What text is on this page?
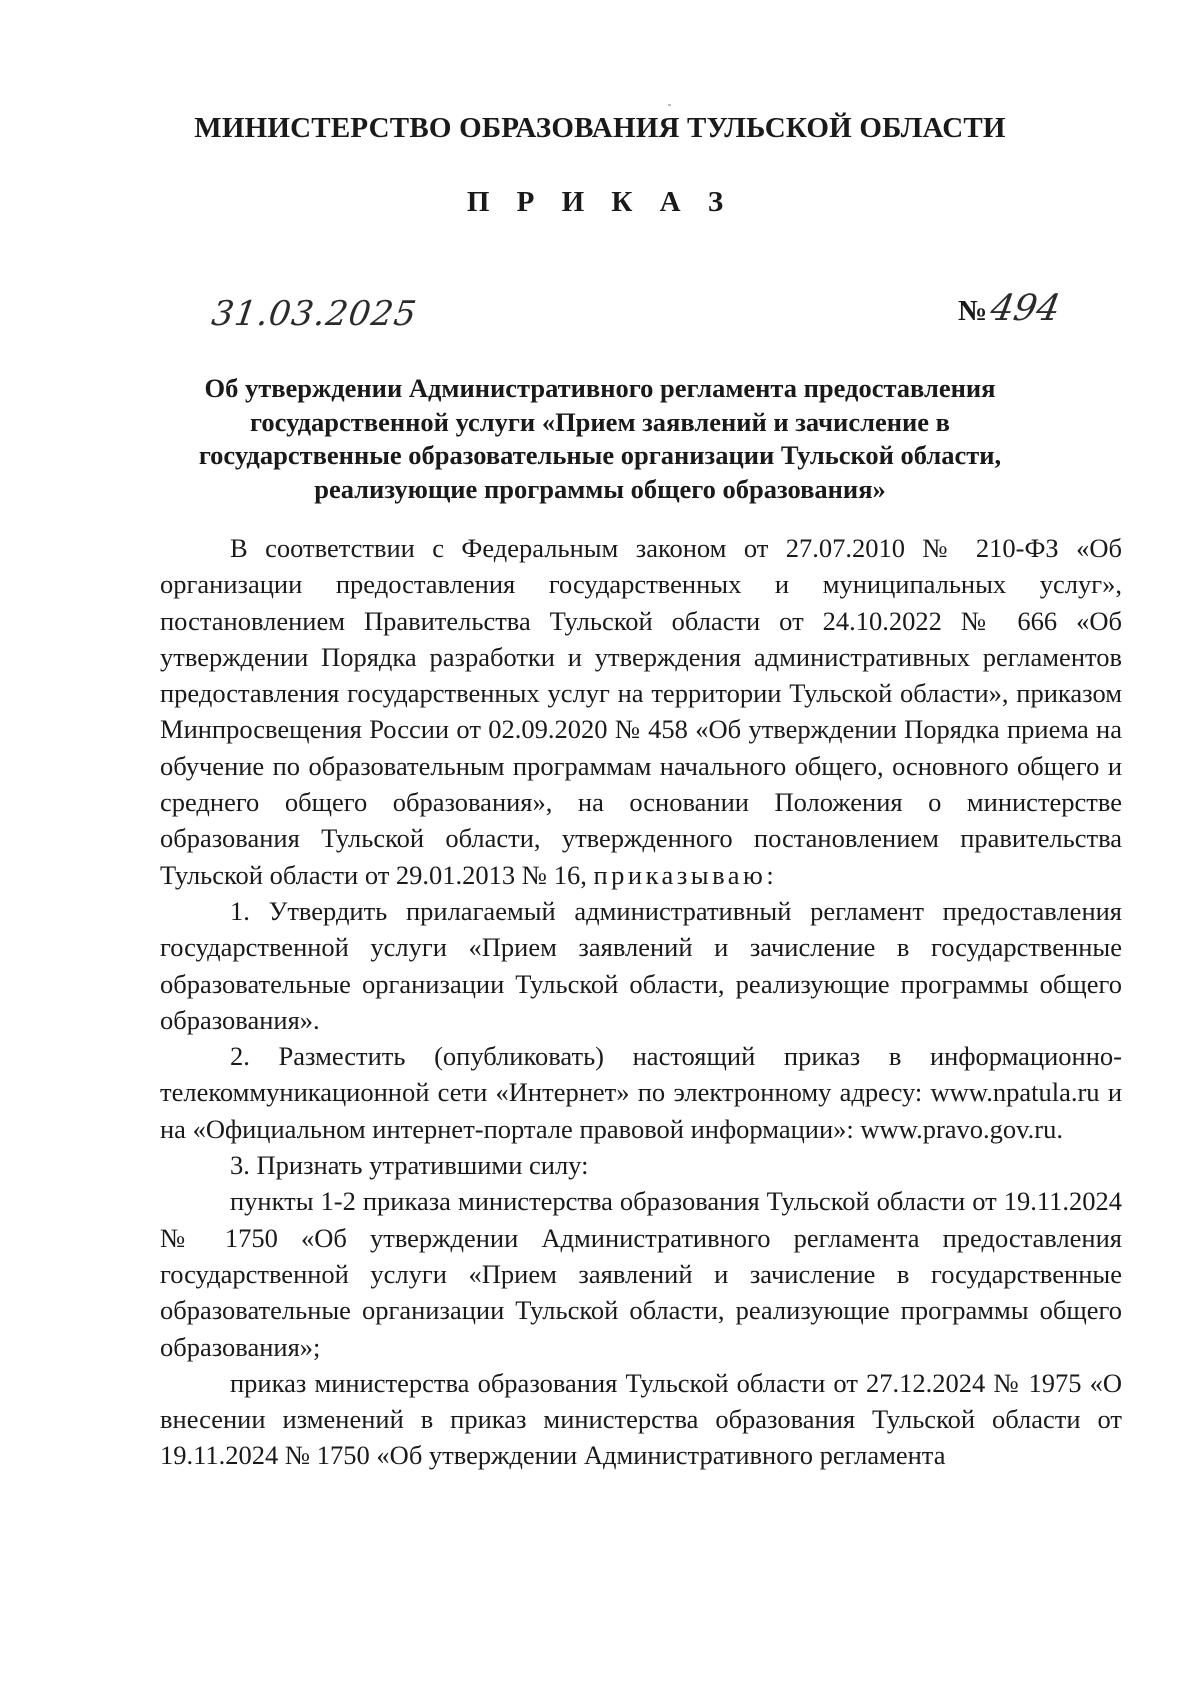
МИНИСТЕРСТВО ОБРАЗОВАНИЯ ТУЛЬСКОЙ ОБЛАСТИ
П Р И К А З
31.03.2025	№494
Об утверждении Административного регламента предоставления государственной услуги «Прием заявлений и зачисление в государственные образовательные организации Тульской области, реализующие программы общего образования»

В соответствии с Федеральным законом от 27.07.2010 № 210-ФЗ «Об организации предоставления государственных и муниципальных услуг», постановлением Правительства Тульской области от 24.10.2022 № 666 «Об утверждении Порядка разработки и утверждения административных регламентов предоставления государственных услуг на территории Тульской области», приказом Минпросвещения России от 02.09.2020 № 458 «Об утверждении Порядка приема на обучение по образовательным программам начального общего, основного общего и среднего общего образования», на основании Положения о министерстве образования Тульской области, утвержденного постановлением правительства Тульской области от 29.01.2013 № 16, приказываю:

1. Утвердить прилагаемый административный регламент предоставления государственной услуги «Прием заявлений и зачисление в государственные образовательные организации Тульской области, реализующие программы общего образования».

2. Разместить (опубликовать) настоящий приказ в информационно-телекоммуникационной сети «Интернет» по электронному адресу: www.npatula.ru и на «Официальном интернет-портале правовой информации»: www.pravo.gov.ru.

3. Признать утратившими силу:

пункты 1-2 приказа министерства образования Тульской области от 19.11.2024 № 1750 «Об утверждении Административного регламента предоставления государственной услуги «Прием заявлений и зачисление в государственные образовательные организации Тульской области, реализующие программы общего образования»;

приказ министерства образования Тульской области от 27.12.2024 № 1975 «О внесении изменений в приказ министерства образования Тульской области от 19.11.2024 № 1750 «Об утверждении Административного регламента
